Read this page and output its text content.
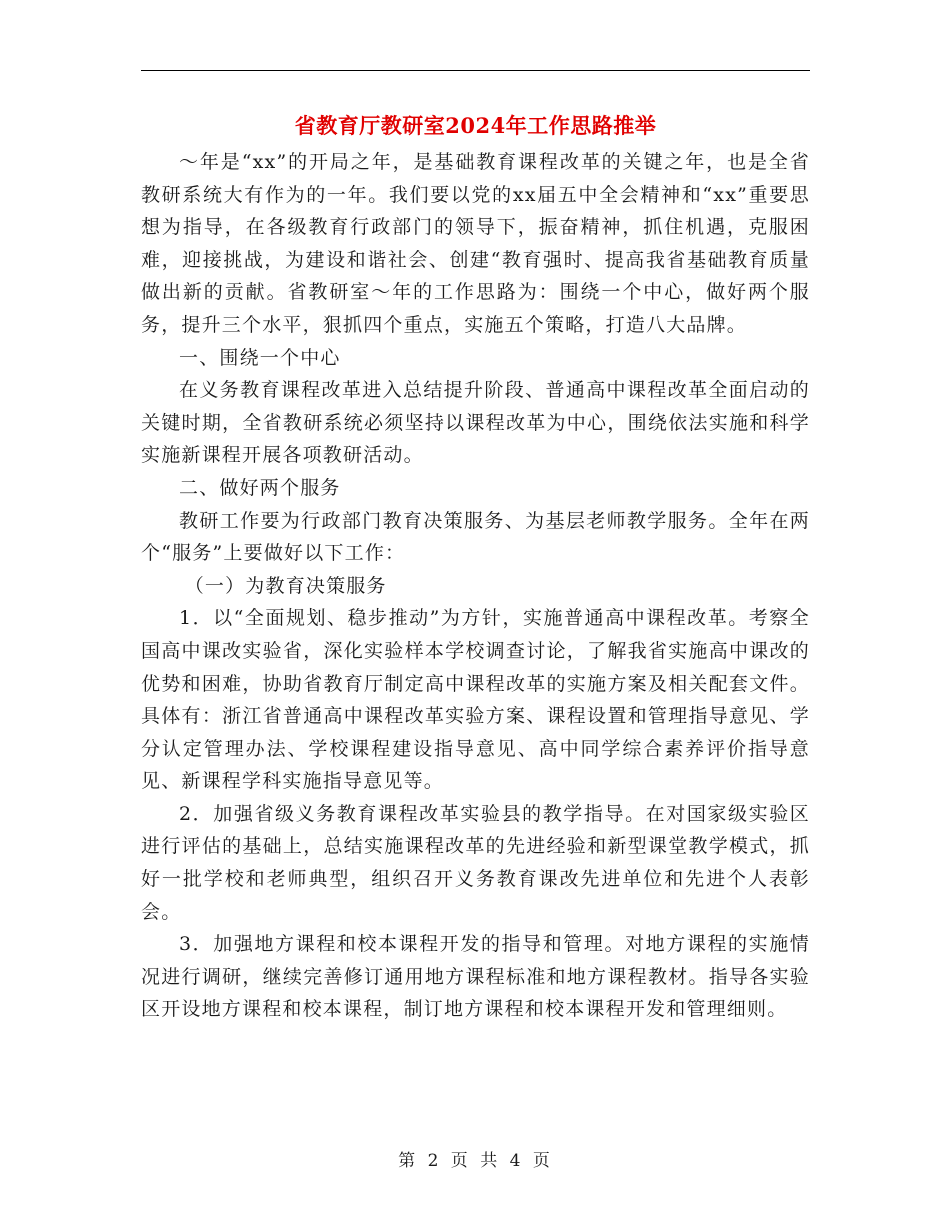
省教育厅教研室2024年工作思路推举

～年是“xx”的开局之年，是基础教育课程改革的关键之年，也是全省教研系统大有作为的一年。我们要以党的xx届五中全会精神和“xx”重要思想为指导，在各级教育行政部门的领导下，振奋精神，抓住机遇，克服困难，迎接挑战，为建设和谐社会、创建“教育强时、提高我省基础教育质量做出新的贡献。省教研室～年的工作思路为：围绕一个中心，做好两个服务，提升三个水平，狠抓四个重点，实施五个策略，打造八大品牌。

一、围绕一个中心

在义务教育课程改革进入总结提升阶段、普通高中课程改革全面启动的关键时期，全省教研系统必须坚持以课程改革为中心，围绕依法实施和科学实施新课程开展各项教研活动。

二、做好两个服务

教研工作要为行政部门教育决策服务、为基层老师教学服务。全年在两个“服务”上要做好以下工作：

（一）为教育决策服务

1．以“全面规划、稳步推动”为方针，实施普通高中课程改革。考察全国高中课改实验省，深化实验样本学校调查讨论，了解我省实施高中课改的优势和困难，协助省教育厅制定高中课程改革的实施方案及相关配套文件。具体有：浙江省普通高中课程改革实验方案、课程设置和管理指导意见、学分认定管理办法、学校课程建设指导意见、高中同学综合素养评价指导意见、新课程学科实施指导意见等。

2．加强省级义务教育课程改革实验县的教学指导。在对国家级实验区进行评估的基础上，总结实施课程改革的先进经验和新型课堂教学模式，抓好一批学校和老师典型，组织召开义务教育课改先进单位和先进个人表彰会。

3．加强地方课程和校本课程开发的指导和管理。对地方课程的实施情况进行调研，继续完善修订通用地方课程标准和地方课程教材。指导各实验区开设地方课程和校本课程，制订地方课程和校本课程开发和管理细则。

第 2 页 共 4 页
